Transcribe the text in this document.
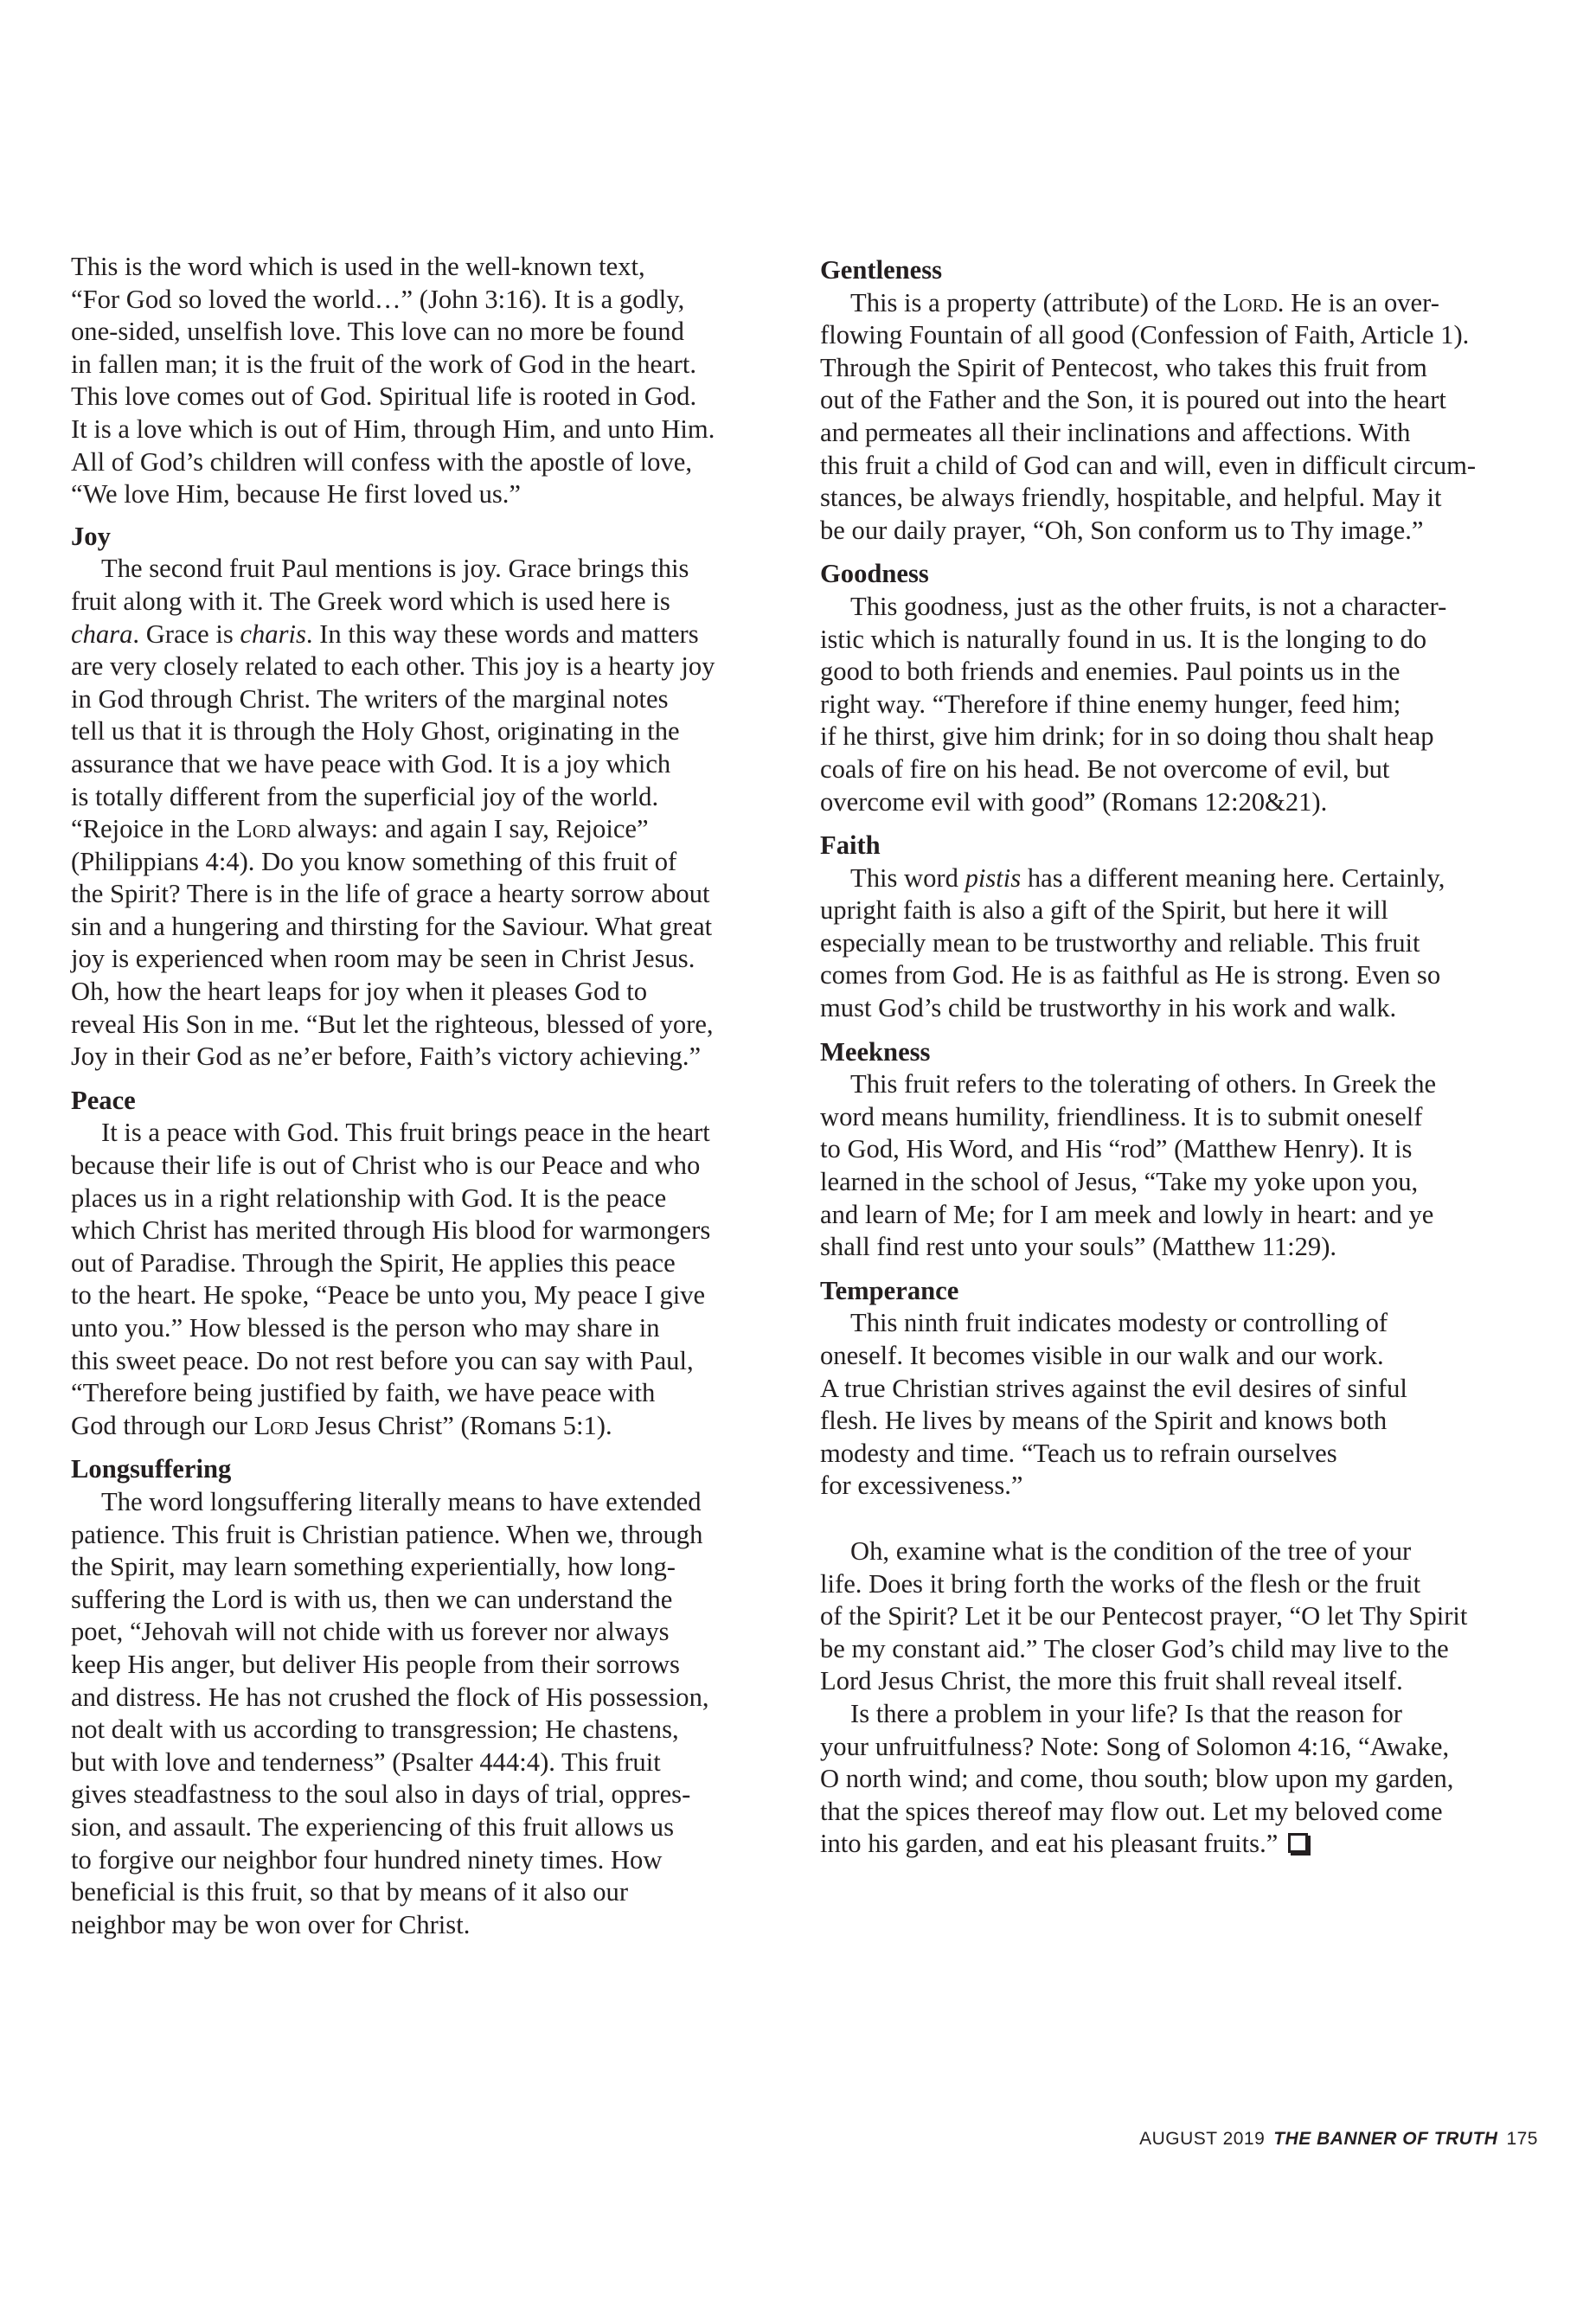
This is the word which is used in the well-known text,
“For God so loved the world…” (John 3:16). It is a godly,
one-sided, unselfish love. This love can no more be found
in fallen man; it is the fruit of the work of God in the heart.
This love comes out of God. Spiritual life is rooted in God.
It is a love which is out of Him, through Him, and unto Him.
All of God’s children will confess with the apostle of love,
“We love Him, because He first loved us.”
Joy
The second fruit Paul mentions is joy. Grace brings this
fruit along with it. The Greek word which is used here is
chara. Grace is charis. In this way these words and matters
are very closely related to each other. This joy is a hearty joy
in God through Christ. The writers of the marginal notes
tell us that it is through the Holy Ghost, originating in the
assurance that we have peace with God. It is a joy which
is totally different from the superficial joy of the world.
“Rejoice in the Lord always: and again I say, Rejoice”
(Philippians 4:4). Do you know something of this fruit of
the Spirit? There is in the life of grace a hearty sorrow about
sin and a hungering and thirsting for the Saviour. What great
joy is experienced when room may be seen in Christ Jesus.
Oh, how the heart leaps for joy when it pleases God to
reveal His Son in me. “But let the righteous, blessed of yore,
Joy in their God as ne’er before, Faith’s victory achieving.”
Peace
It is a peace with God. This fruit brings peace in the heart
because their life is out of Christ who is our Peace and who
places us in a right relationship with God. It is the peace
which Christ has merited through His blood for warmongers
out of Paradise. Through the Spirit, He applies this peace
to the heart. He spoke, “Peace be unto you, My peace I give
unto you.” How blessed is the person who may share in
this sweet peace. Do not rest before you can say with Paul,
“Therefore being justified by faith, we have peace with
God through our Lord Jesus Christ” (Romans 5:1).
Longsuffering
The word longsuffering literally means to have extended
patience. This fruit is Christian patience. When we, through
the Spirit, may learn something experientially, how long-
suffering the Lord is with us, then we can understand the
poet, “Jehovah will not chide with us forever nor always
keep His anger, but deliver His people from their sorrows
and distress. He has not crushed the flock of His possession,
not dealt with us according to transgression; He chastens,
but with love and tenderness” (Psalter 444:4). This fruit
gives steadfastness to the soul also in days of trial, oppres-
sion, and assault. The experiencing of this fruit allows us
to forgive our neighbor four hundred ninety times. How
beneficial is this fruit, so that by means of it also our
neighbor may be won over for Christ.
Gentleness
This is a property (attribute) of the Lord. He is an over-
flowing Fountain of all good (Confession of Faith, Article 1).
Through the Spirit of Pentecost, who takes this fruit from
out of the Father and the Son, it is poured out into the heart
and permeates all their inclinations and affections. With
this fruit a child of God can and will, even in difficult circum-
stances, be always friendly, hospitable, and helpful. May it
be our daily prayer, “Oh, Son conform us to Thy image.”
Goodness
This goodness, just as the other fruits, is not a character-
istic which is naturally found in us. It is the longing to do
good to both friends and enemies. Paul points us in the
right way. “Therefore if thine enemy hunger, feed him;
if he thirst, give him drink; for in so doing thou shalt heap
coals of fire on his head. Be not overcome of evil, but
overcome evil with good” (Romans 12:20&21).
Faith
This word pistis has a different meaning here. Certainly,
upright faith is also a gift of the Spirit, but here it will
especially mean to be trustworthy and reliable. This fruit
comes from God. He is as faithful as He is strong. Even so
must God’s child be trustworthy in his work and walk.
Meekness
This fruit refers to the tolerating of others. In Greek the
word means humility, friendliness. It is to submit oneself
to God, His Word, and His “rod” (Matthew Henry). It is
learned in the school of Jesus, “Take my yoke upon you,
and learn of Me; for I am meek and lowly in heart: and ye
shall find rest unto your souls” (Matthew 11:29).
Temperance
This ninth fruit indicates modesty or controlling of
oneself. It becomes visible in our walk and our work.
A true Christian strives against the evil desires of sinful
flesh. He lives by means of the Spirit and knows both
modesty and time. “Teach us to refrain ourselves
for excessiveness.”
Oh, examine what is the condition of the tree of your
life. Does it bring forth the works of the flesh or the fruit
of the Spirit? Let it be our Pentecost prayer, “O let Thy Spirit
be my constant aid.” The closer God’s child may live to the
Lord Jesus Christ, the more this fruit shall reveal itself.
Is there a problem in your life? Is that the reason for
your unfruitfulness? Note: Song of Solomon 4:16, “Awake,
O north wind; and come, thou south; blow upon my garden,
that the spices thereof may flow out. Let my beloved come
into his garden, and eat his pleasant fruits.”
AUGUST 2019 THE BANNER OF TRUTH 175
